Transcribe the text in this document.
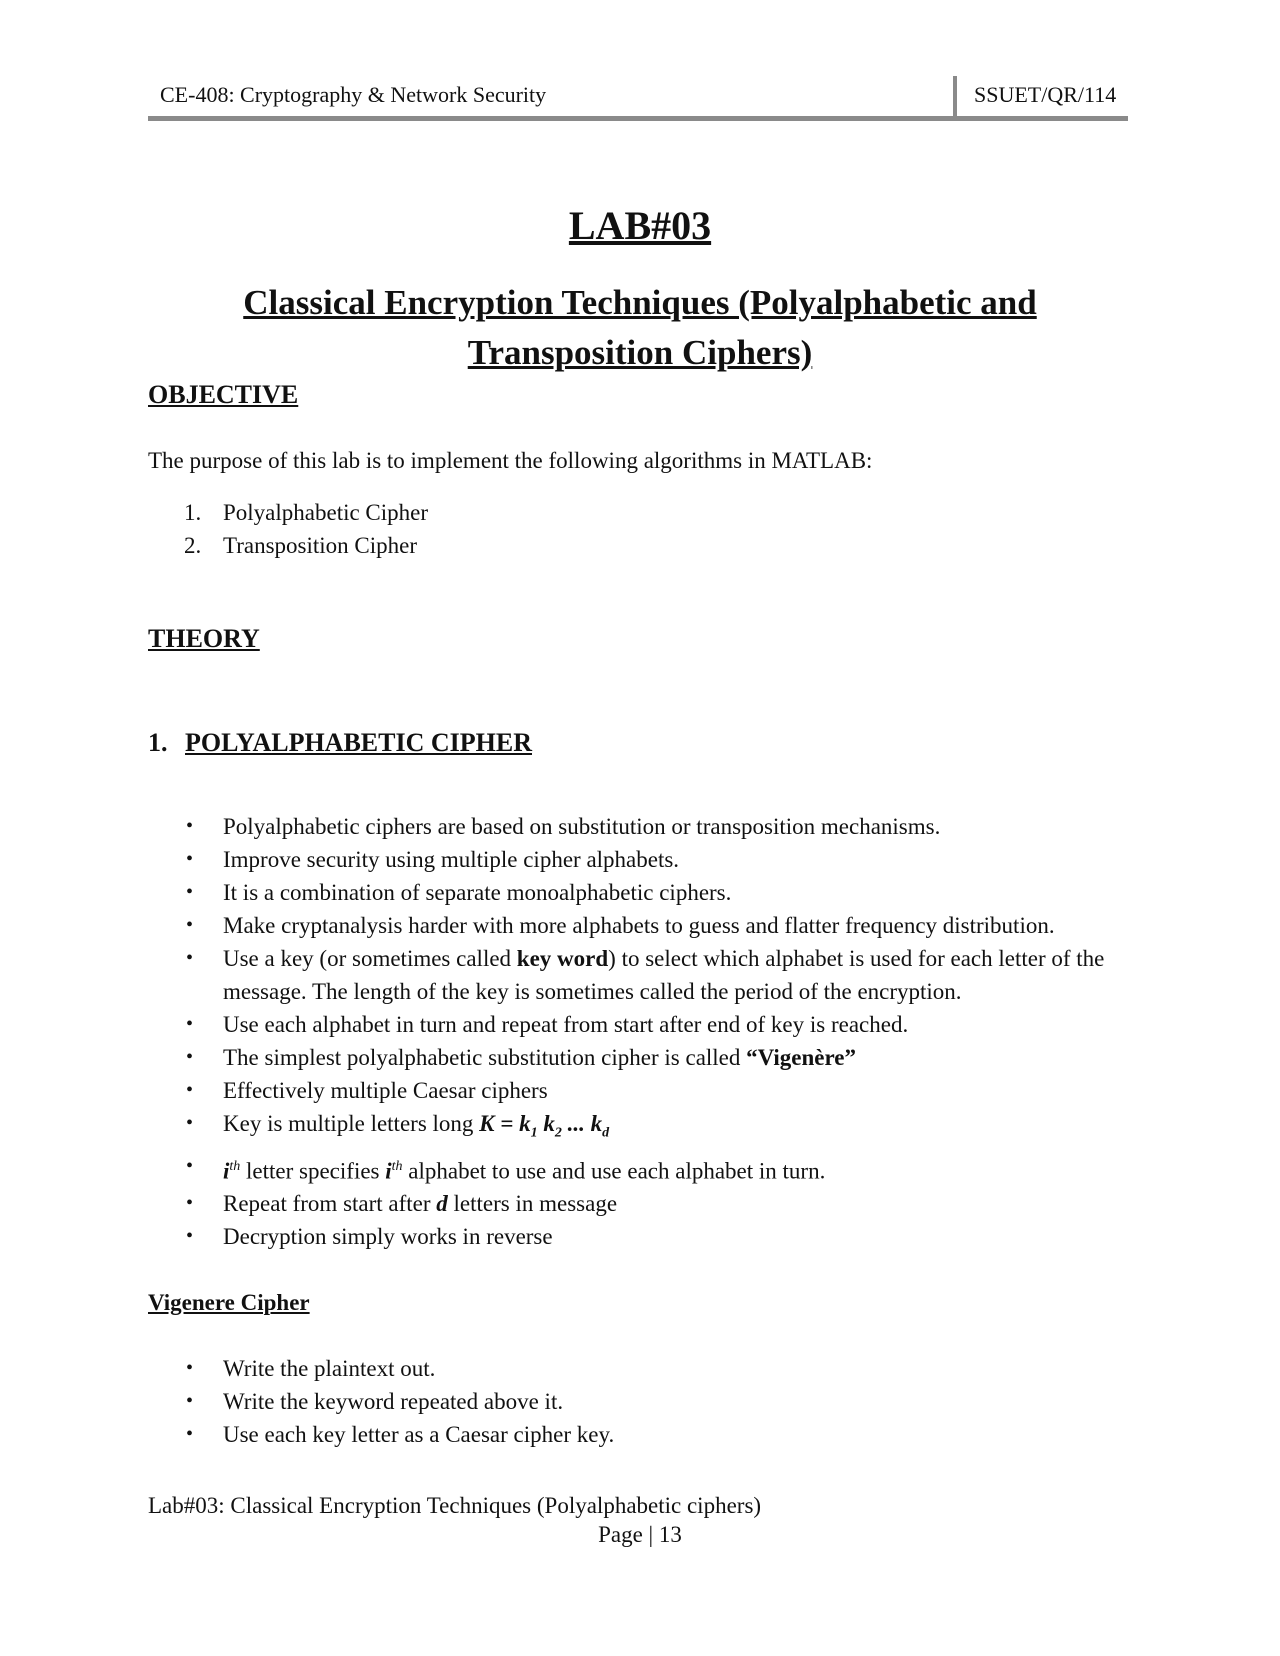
CE-408: Cryptography & Network Security	SSUET/QR/114
LAB#03
Classical Encryption Techniques (Polyalphabetic and Transposition Ciphers)
OBJECTIVE
The purpose of this lab is to implement the following algorithms in MATLAB:
1. Polyalphabetic Cipher
2. Transposition Cipher
THEORY
1. POLYALPHABETIC CIPHER
• Polyalphabetic ciphers are based on substitution or transposition mechanisms.
• Improve security using multiple cipher alphabets.
• It is a combination of separate monoalphabetic ciphers.
• Make cryptanalysis harder with more alphabets to guess and flatter frequency distribution.
• Use a key (or sometimes called key word) to select which alphabet is used for each letter of the message. The length of the key is sometimes called the period of the encryption.
• Use each alphabet in turn and repeat from start after end of key is reached.
• The simplest polyalphabetic substitution cipher is called “Vigenère”
• Effectively multiple Caesar ciphers
• Key is multiple letters long $K = k_1$ $k_2$ ... $k_d$
• $i^{th}$ letter specifies $i^{th}$ alphabet to use and use each alphabet in turn.
• Repeat from start after d letters in message
• Decryption simply works in reverse
Vigenere Cipher
• Write the plaintext out.
• Write the keyword repeated above it.
• Use each key letter as a Caesar cipher key.
Lab#03: Classical Encryption Techniques (Polyalphabetic ciphers)
Page | 13
